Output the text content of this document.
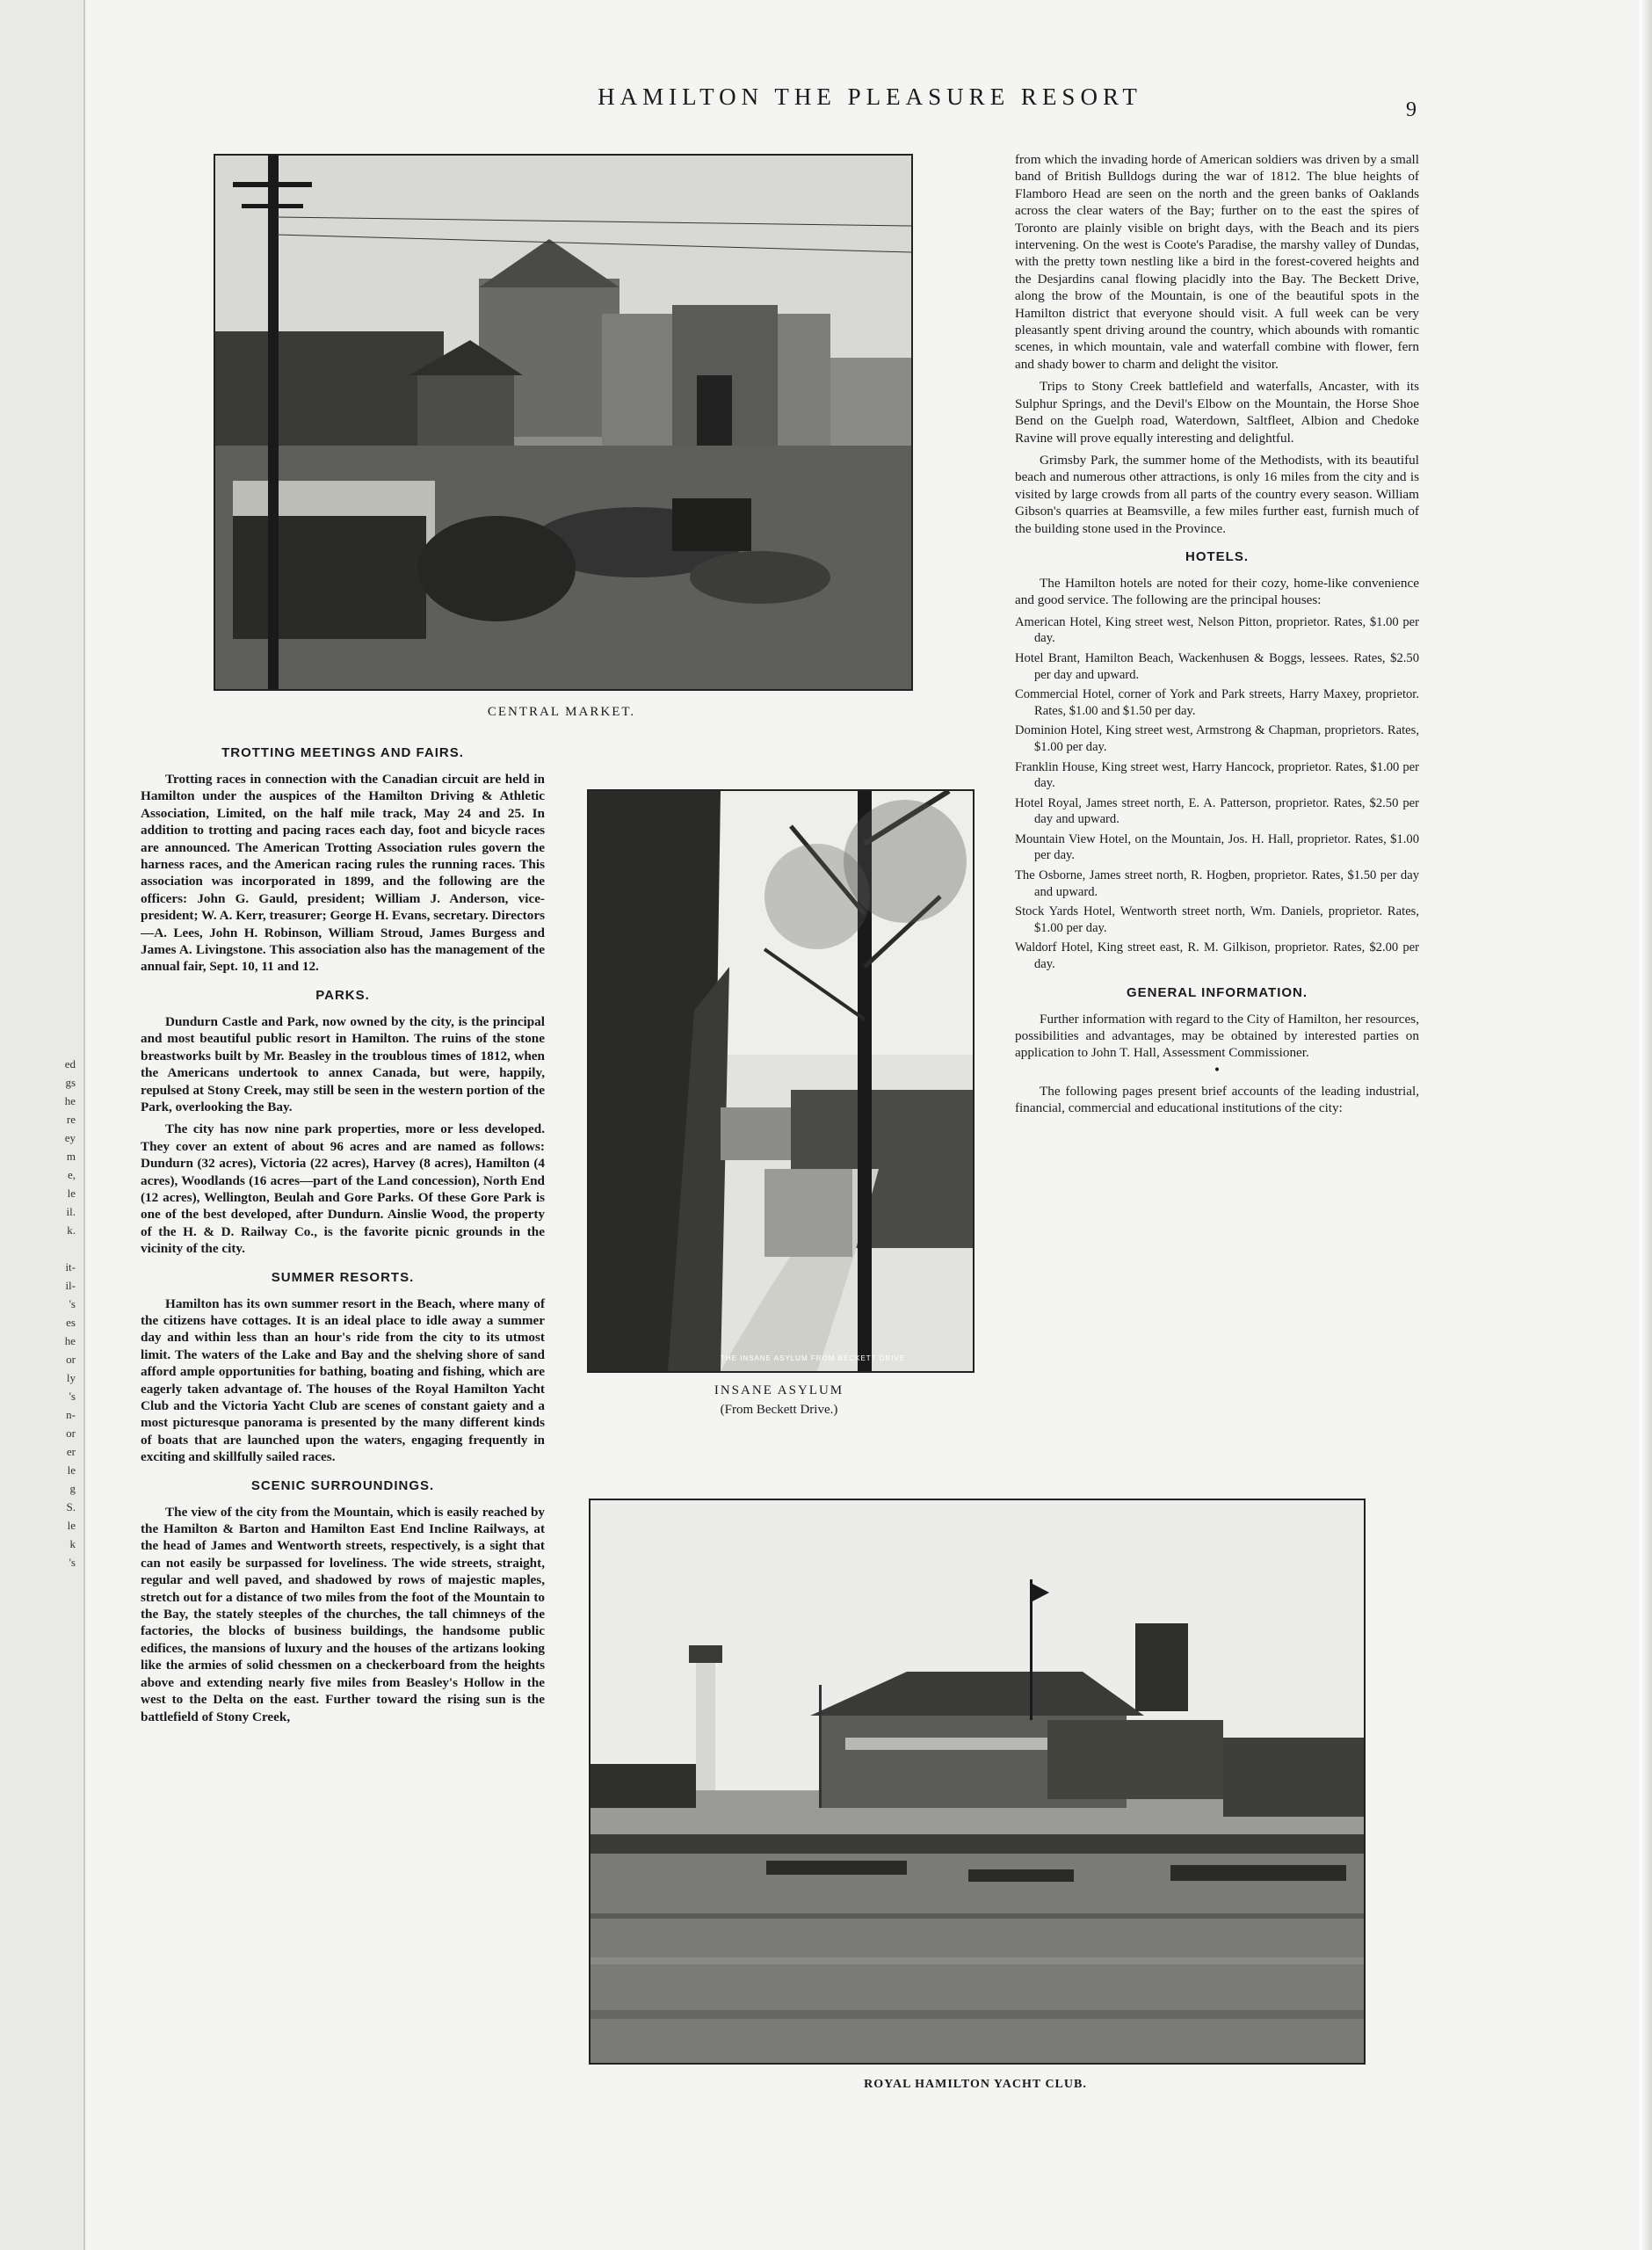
ed
gs
he
re
ey
m
e,
le
il.
k.

it-
il-
's
es
he
or
ly
's
n-
or
er
le
g
S.
le
k
's
HAMILTON THE PLEASURE RESORT	9
CENTRAL MARKET.
THE INSANE ASYLUM FROM BECKETT DRIVE
INSANE ASYLUM
(From Beckett Drive.)
ROYAL HAMILTON YACHT CLUB.
TROTTING MEETINGS AND FAIRS.

Trotting races in connection with the Canadian circuit are held in Hamilton under the auspices of the Hamilton Driving & Athletic Association, Limited, on the half mile track, May 24 and 25. In addition to trotting and pacing races each day, foot and bicycle races are announced. The American Trotting Association rules govern the harness races, and the American racing rules the running races. This association was incorporated in 1899, and the following are the officers: John G. Gauld, president; William J. Anderson, vice-president; W. A. Kerr, treasurer; George H. Evans, secretary. Directors—A. Lees, John H. Robinson, William Stroud, James Burgess and James A. Livingstone. This association also has the management of the annual fair, Sept. 10, 11 and 12.

PARKS.

Dundurn Castle and Park, now owned by the city, is the principal and most beautiful public resort in Hamilton. The ruins of the stone breastworks built by Mr. Beasley in the troublous times of 1812, when the Americans undertook to annex Canada, but were, happily, repulsed at Stony Creek, may still be seen in the western portion of the Park, overlooking the Bay.

The city has now nine park properties, more or less developed. They cover an extent of about 96 acres and are named as follows: Dundurn (32 acres), Victoria (22 acres), Harvey (8 acres), Hamilton (4 acres), Woodlands (16 acres—part of the Land concession), North End (12 acres), Wellington, Beulah and Gore Parks. Of these Gore Park is one of the best developed, after Dundurn. Ainslie Wood, the property of the H. & D. Railway Co., is the favorite picnic grounds in the vicinity of the city.

SUMMER RESORTS.

Hamilton has its own summer resort in the Beach, where many of the citizens have cottages. It is an ideal place to idle away a summer day and within less than an hour's ride from the city to its utmost limit. The waters of the Lake and Bay and the shelving shore of sand afford ample opportunities for bathing, boating and fishing, which are eagerly taken advantage of. The houses of the Royal Hamilton Yacht Club and the Victoria Yacht Club are scenes of constant gaiety and a most picturesque panorama is presented by the many different kinds of boats that are launched upon the waters, engaging frequently in exciting and skillfully sailed races.

SCENIC SURROUNDINGS.

The view of the city from the Mountain, which is easily reached by the Hamilton & Barton and Hamilton East End Incline Railways, at the head of James and Wentworth streets, respectively, is a sight that can not easily be surpassed for loveliness. The wide streets, straight, regular and well paved, and shadowed by rows of majestic maples, stretch out for a distance of two miles from the foot of the Mountain to the Bay, the stately steeples of the churches, the tall chimneys of the factories, the blocks of business buildings, the handsome public edifices, the mansions of luxury and the houses of the artizans looking like the armies of solid chessmen on a checkerboard from the heights above and extending nearly five miles from Beasley's Hollow in the west to the Delta on the east. Further toward the rising sun is the battlefield of Stony Creek,

from which the invading horde of American soldiers was driven by a small band of British Bulldogs during the war of 1812. The blue heights of Flamboro Head are seen on the north and the green banks of Oaklands across the clear waters of the Bay; further on to the east the spires of Toronto are plainly visible on bright days, with the Beach and its piers intervening. On the west is Coote's Paradise, the marshy valley of Dundas, with the pretty town nestling like a bird in the forest-covered heights and the Desjardins canal flowing placidly into the Bay. The Beckett Drive, along the brow of the Mountain, is one of the beautiful spots in the Hamilton district that everyone should visit. A full week can be very pleasantly spent driving around the country, which abounds with romantic scenes, in which mountain, vale and waterfall combine with flower, fern and shady bower to charm and delight the visitor.

Trips to Stony Creek battlefield and waterfalls, Ancaster, with its Sulphur Springs, and the Devil's Elbow on the Mountain, the Horse Shoe Bend on the Guelph road, Waterdown, Saltfleet, Albion and Chedoke Ravine will prove equally interesting and delightful.

Grimsby Park, the summer home of the Methodists, with its beautiful beach and numerous other attractions, is only 16 miles from the city and is visited by large crowds from all parts of the country every season. William Gibson's quarries at Beamsville, a few miles further east, furnish much of the building stone used in the Province.

HOTELS.

The Hamilton hotels are noted for their cozy, home-like convenience and good service. The following are the principal houses:

American Hotel, King street west, Nelson Pitton, proprietor. Rates, $1.00 per day.
Hotel Brant, Hamilton Beach, Wackenhusen & Boggs, lessees. Rates, $2.50 per day and upward.
Commercial Hotel, corner of York and Park streets, Harry Maxey, proprietor. Rates, $1.00 and $1.50 per day.
Dominion Hotel, King street west, Armstrong & Chapman, proprietors. Rates, $1.00 per day.
Franklin House, King street west, Harry Hancock, proprietor. Rates, $1.00 per day.
Hotel Royal, James street north, E. A. Patterson, proprietor. Rates, $2.50 per day and upward.
Mountain View Hotel, on the Mountain, Jos. H. Hall, proprietor. Rates, $1.00 per day.
The Osborne, James street north, R. Hogben, proprietor. Rates, $1.50 per day and upward.
Stock Yards Hotel, Wentworth street north, Wm. Daniels, proprietor. Rates, $1.00 per day.
Waldorf Hotel, King street east, R. M. Gilkison, proprietor. Rates, $2.00 per day.
GENERAL INFORMATION.

Further information with regard to the City of Hamilton, her resources, possibilities and advantages, may be obtained by interested parties on application to John T. Hall, Assessment Commissioner.

•

The following pages present brief accounts of the leading industrial, financial, commercial and educational institutions of the city:
